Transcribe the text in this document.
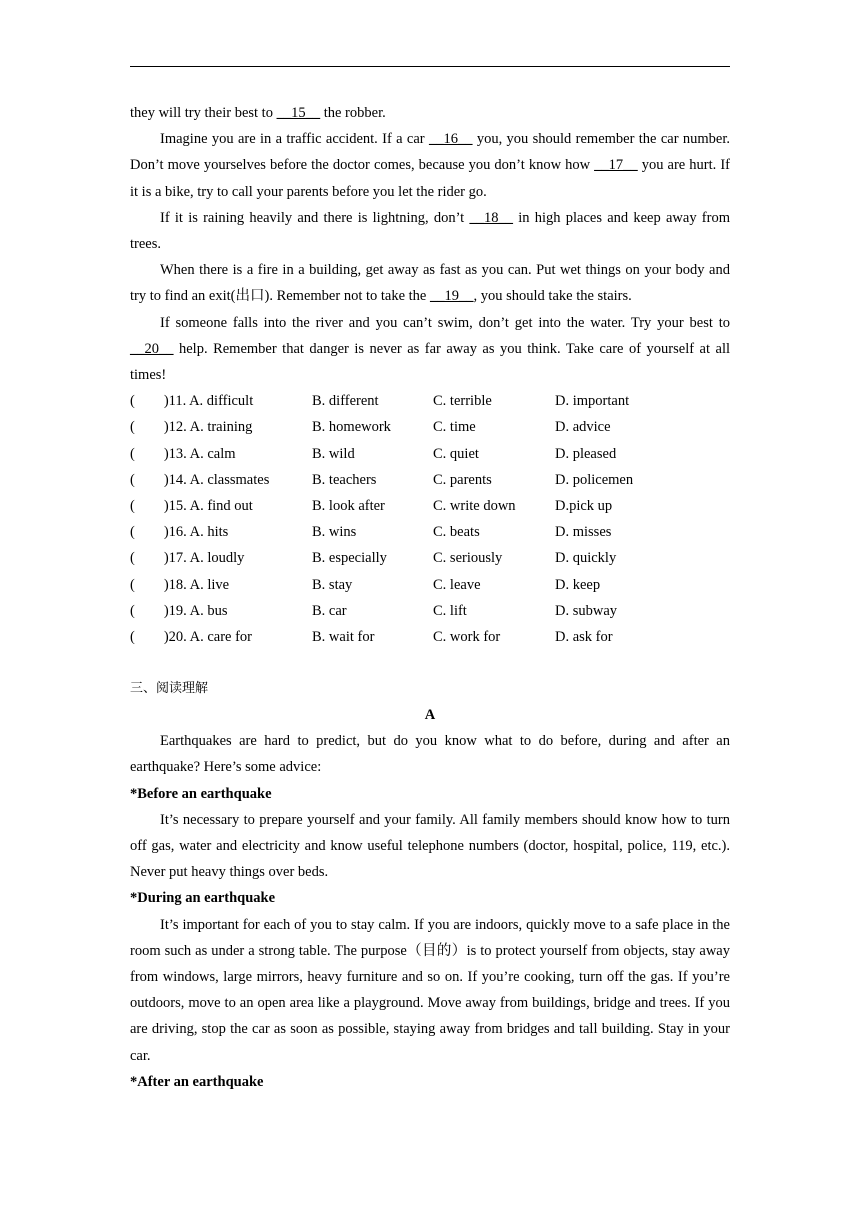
they will try their best to __15__ the robber.

Imagine you are in a traffic accident. If a car __16__ you, you should remember the car number. Don’t move yourselves before the doctor comes, because you don’t know how __17__ you are hurt. If it is a bike, try to call your parents before you let the rider go.

If it is raining heavily and there is lightning, don’t __18__ in high places and keep away from trees.

When there is a fire in a building, get away as fast as you can. Put wet things on your body and try to find an exit(出口). Remember not to take the __19__, you should take the stairs.

If someone falls into the river and you can’t swim, don’t get into the water. Try your best to __20__ help. Remember that danger is never as far away as you think. Take care of yourself at all times!

(        )11. A. difficult	B. different	C. terrible	D. important
(        )12. A. training	B. homework	C. time	D. advice
(        )13. A. calm	B. wild	C. quiet	D. pleased
(        )14. A. classmates	B. teachers	C. parents	D. policemen
(        )15. A. find out	B. look after	C. write down	D.pick up
(        )16. A. hits	B. wins	C. beats	D. misses
(        )17. A. loudly	B. especially	C. seriously	D. quickly
(        )18. A. live	B. stay	C. leave	D. keep
(        )19. A. bus	B. car	C. lift	D. subway
(        )20. A. care for	B. wait for	C. work for	D. ask for

三、阅读理解

A

Earthquakes are hard to predict, but do you know what to do before, during and after an earthquake? Here’s some advice:

*Before an earthquake

It’s necessary to prepare yourself and your family. All family members should know how to turn off gas, water and electricity and know useful telephone numbers (doctor, hospital, police, 119, etc.). Never put heavy things over beds.

*During an earthquake

It’s important for each of you to stay calm. If you are indoors, quickly move to a safe place in the room such as under a strong table. The purpose（目的）is to protect yourself from objects, stay away from windows, large mirrors, heavy furniture and so on. If you’re cooking, turn off the gas. If you’re outdoors, move to an open area like a playground. Move away from buildings, bridge and trees. If you are driving, stop the car as soon as possible, staying away from bridges and tall building. Stay in your car.

*After an earthquake
